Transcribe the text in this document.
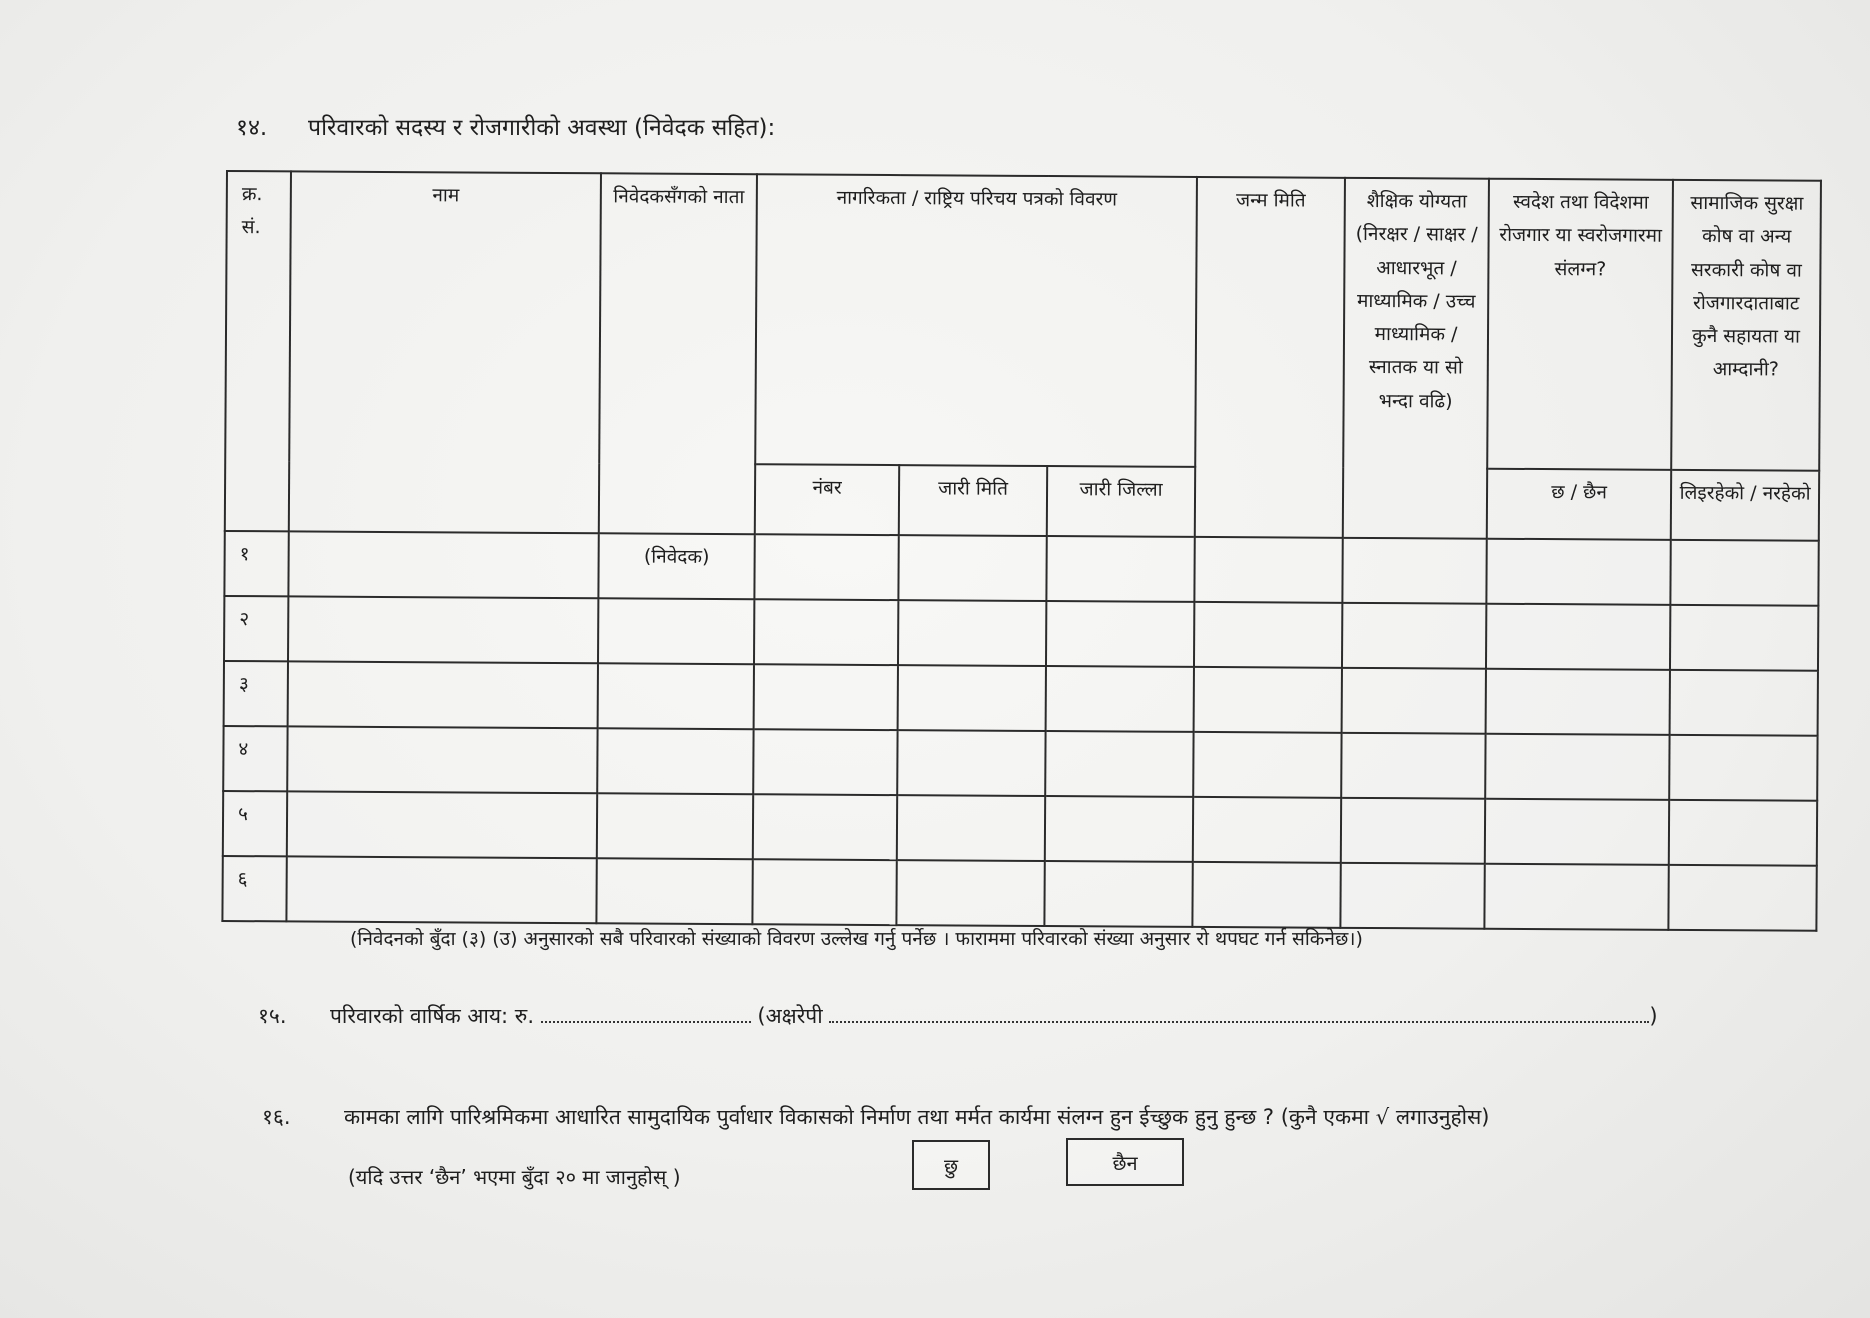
१४. परिवारको सदस्य र रोजगारीको अवस्था (निवेदक सहित):
क्र. सं.	नाम	निवेदकसँगको नाता	नागरिकता / राष्ट्रिय परिचय पत्रको विवरण			जन्म मिति	शैक्षिक योग्यता (निरक्षर / साक्षर / आधारभूत / माध्यामिक / उच्च माध्यामिक / स्नातक या सो भन्दा वढि)	स्वदेश तथा विदेशमा रोजगार या स्वरोजगारमा संलग्न?	सामाजिक सुरक्षा कोष वा अन्य सरकारी कोष वा रोजगारदाताबाट कुनै सहायता या आम्दानी?
			नंबर	जारी मिति	जारी जिल्ला			छ / छैन	लिइरहेको / नरहेको
१		(निवेदक)							
२									
३									
४									
५									
६									
(निवेदनको बुँदा (३) (उ) अनुसारको सबै परिवारको संख्याको विवरण उल्लेख गर्नु पर्नेछ । फाराममा परिवारको संख्या अनुसार रो थपघट गर्न सकिनेछ।)
१५. परिवारको वार्षिक आय: रु.	(अक्षरेपी	)
१६.	कामका लागि पारिश्रमिकमा आधारित सामुदायिक पुर्वाधार विकासको निर्माण तथा मर्मत कार्यमा संलग्न हुन ईच्छुक हुनु हुन्छ ? (कुनै एकमा √ लगाउनुहोस)
(यदि उत्तर ‘छैन’ भएमा बुँदा २० मा जानुहोस् )	छु	छैन
